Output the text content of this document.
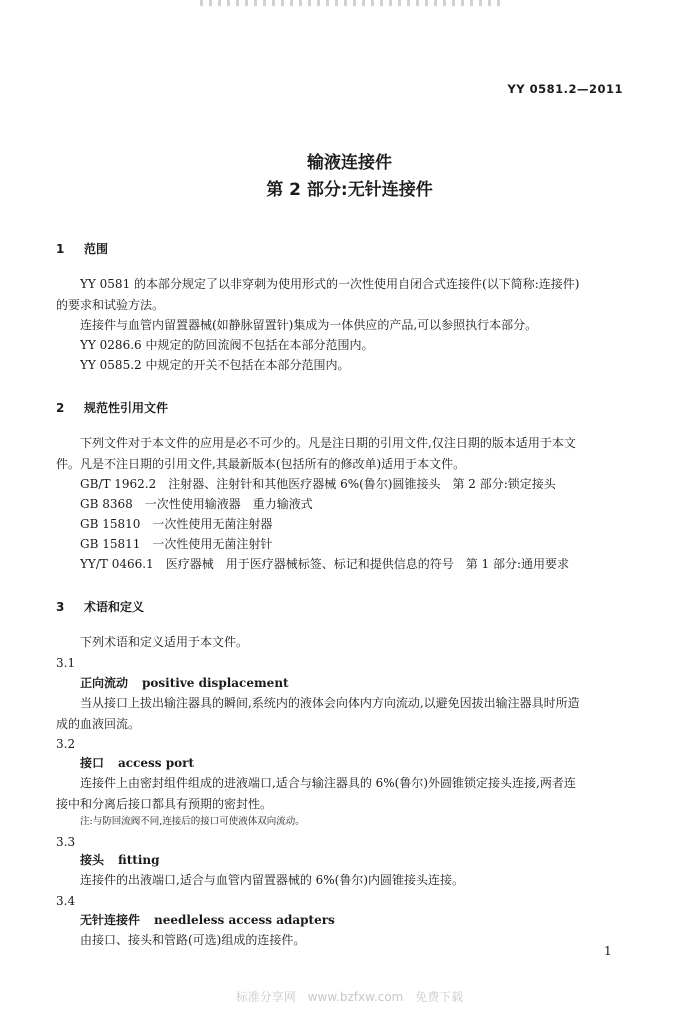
YY 0581.2—2011
输液连接件
第 2 部分:无针连接件
1 范围
YY 0581 的本部分规定了以非穿刺为使用形式的一次性使用自闭合式连接件(以下简称:连接件)
的要求和试验方法。
连接件与血管内留置器械(如静脉留置针)集成为一体供应的产品,可以参照执行本部分。
YY 0286.6 中规定的防回流阀不包括在本部分范围内。
YY 0585.2 中规定的开关不包括在本部分范围内。
2 规范性引用文件
下列文件对于本文件的应用是必不可少的。凡是注日期的引用文件,仅注日期的版本适用于本文
件。凡是不注日期的引用文件,其最新版本(包括所有的修改单)适用于本文件。
GB/T 1962.2　注射器、注射针和其他医疗器械 6%(鲁尔)圆锥接头　第 2 部分:锁定接头
GB 8368　一次性使用输液器　重力输液式
GB 15810　一次性使用无菌注射器
GB 15811　一次性使用无菌注射针
YY/T 0466.1　医疗器械　用于医疗器械标签、标记和提供信息的符号　第 1 部分:通用要求
3 术语和定义
下列术语和定义适用于本文件。
3.1
正向流动 positive displacement
当从接口上拔出输注器具的瞬间,系统内的液体会向体内方向流动,以避免因拔出输注器具时所造
成的血液回流。
3.2
接口 access port
连接件上由密封组件组成的进液端口,适合与输注器具的 6%(鲁尔)外圆锥锁定接头连接,两者连
接中和分离后接口都具有预期的密封性。
注:与防回流阀不同,连接后的接口可使液体双向流动。
3.3
接头 fitting
连接件的出液端口,适合与血管内留置器械的 6%(鲁尔)内圆锥接头连接。
3.4
无针连接件 needleless access adapters
由接口、接头和管路(可选)组成的连接件。
1
标准分享网　www.bzfxw.com　免费下载
